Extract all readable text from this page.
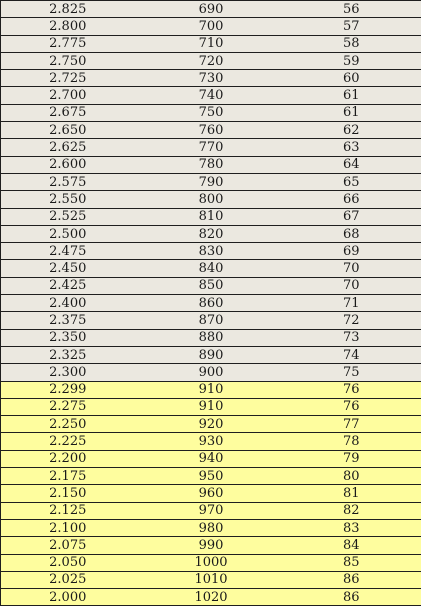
2.825	690	56
2.800	700	57
2.775	710	58
2.750	720	59
2.725	730	60
2.700	740	61
2.675	750	61
2.650	760	62
2.625	770	63
2.600	780	64
2.575	790	65
2.550	800	66
2.525	810	67
2.500	820	68
2.475	830	69
2.450	840	70
2.425	850	70
2.400	860	71
2.375	870	72
2.350	880	73
2.325	890	74
2.300	900	75
2.299	910	76
2.275	910	76
2.250	920	77
2.225	930	78
2.200	940	79
2.175	950	80
2.150	960	81
2.125	970	82
2.100	980	83
2.075	990	84
2.050	1000	85
2.025	1010	86
2.000	1020	86
